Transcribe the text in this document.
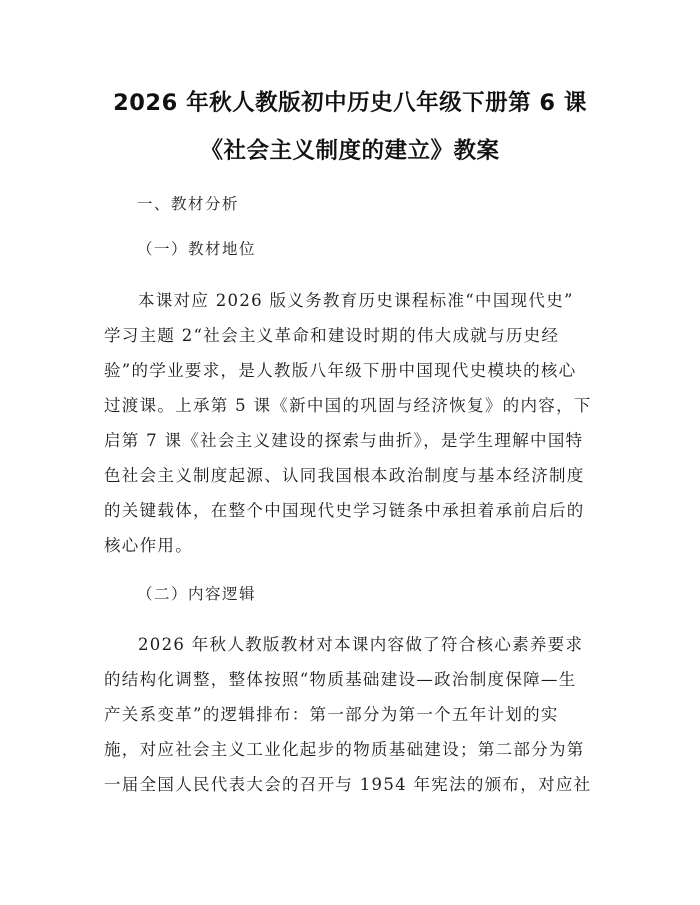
2026 年秋人教版初中历史八年级下册第 6 课
《社会主义制度的建立》教案
一、教材分析
（一）教材地位
本课对应 2026 版义务教育历史课程标准“中国现代史”
学习主题 2“社会主义革命和建设时期的伟大成就与历史经
验”的学业要求，是人教版八年级下册中国现代史模块的核心
过渡课。上承第 5 课《新中国的巩固与经济恢复》的内容，下
启第 7 课《社会主义建设的探索与曲折》，是学生理解中国特
色社会主义制度起源、认同我国根本政治制度与基本经济制度
的关键载体，在整个中国现代史学习链条中承担着承前启后的
核心作用。
（二）内容逻辑
2026 年秋人教版教材对本课内容做了符合核心素养要求
的结构化调整，整体按照“物质基础建设—政治制度保障—生
产关系变革”的逻辑排布：第一部分为第一个五年计划的实
施，对应社会主义工业化起步的物质基础建设；第二部分为第
一届全国人民代表大会的召开与 1954 年宪法的颁布，对应社
